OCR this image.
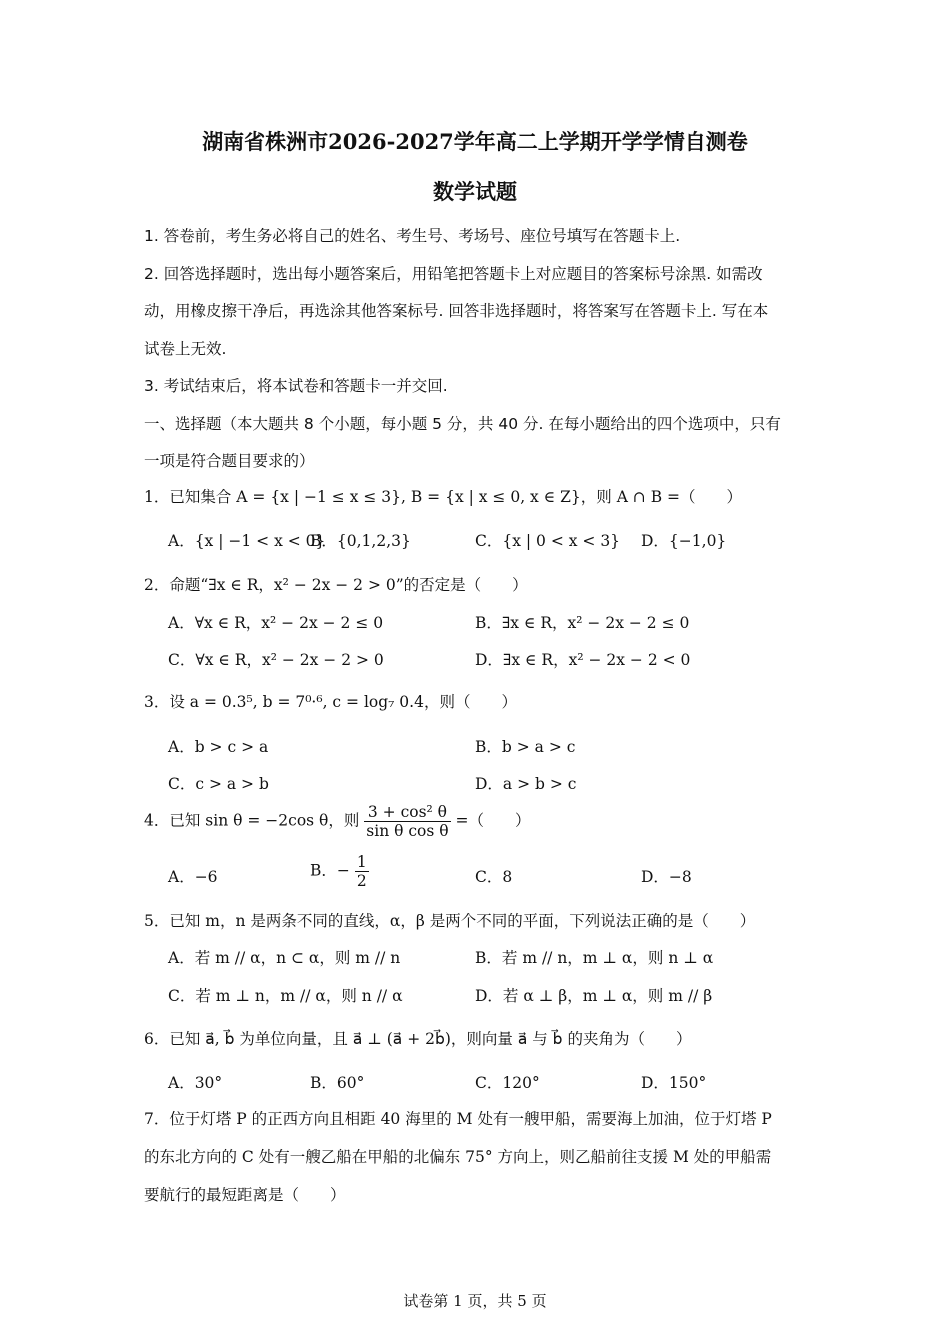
湖南省株洲市2026-2027学年高二上学期开学学情自测卷
数学试题
1. 答卷前，考生务必将自己的姓名、考生号、考场号、座位号填写在答题卡上.
2. 回答选择题时，选出每小题答案后，用铅笔把答题卡上对应题目的答案标号涂黑. 如需改
动，用橡皮擦干净后，再选涂其他答案标号. 回答非选择题时，将答案写在答题卡上. 写在本
试卷上无效.
3. 考试结束后，将本试卷和答题卡一并交回.
一、选择题（本大题共 8 个小题，每小题 5 分，共 40 分. 在每小题给出的四个选项中，只有
一项是符合题目要求的）
1．已知集合 A = {x | −1 ≤ x ≤ 3}, B = {x | x ≤ 0, x ∈ Z}，则 A ∩ B =（　　）
A．{x | −1 < x < 0}
B．{0,1,2,3}	C．{x | 0 < x < 3} D．{−1,0}
2．命题“∃x ∈ R，x² − 2x − 2 > 0”的否定是（　　）
A．∀x ∈ R，x² − 2x − 2 ≤ 0	B．∃x ∈ R，x² − 2x − 2 ≤ 0
C．∀x ∈ R，x² − 2x − 2 > 0	D．∃x ∈ R，x² − 2x − 2 < 0
3．设 a = 0.3⁵, b = 7⁰·⁶, c = log₇ 0.4，则（　　）
A．b > c > a	B．b > a > c
C．c > a > b	D．a > b > c
4．已知 sin θ = −2cos θ，则 $\frac{\text{3 + cos² θ}}{\text{sin θ cos θ}}$ =（　　）
A．−6	B．− $\frac{1}{2}$	C．8	D．−8
5．已知 m，n 是两条不同的直线，α，β 是两个不同的平面，下列说法正确的是（　　）
A．若 m // α，n ⊂ α，则 m // n	B．若 m // n，m ⊥ α，则 n ⊥ α
C．若 m ⊥ n，m // α，则 n // α	D．若 α ⊥ β，m ⊥ α，则 m // β
6．已知 a⃗, b⃗ 为单位向量，且 a⃗ ⊥ (a⃗ + 2b⃗)，则向量 a⃗ 与 b⃗ 的夹角为（　　）
A．30°	B．60°	C．120°	D．150°
7．位于灯塔 P 的正西方向且相距 40 海里的 M 处有一艘甲船，需要海上加油，位于灯塔 P
的东北方向的 C 处有一艘乙船在甲船的北偏东 75° 方向上，则乙船前往支援 M 处的甲船需
要航行的最短距离是（　　）
试卷第 1 页，共 5 页
